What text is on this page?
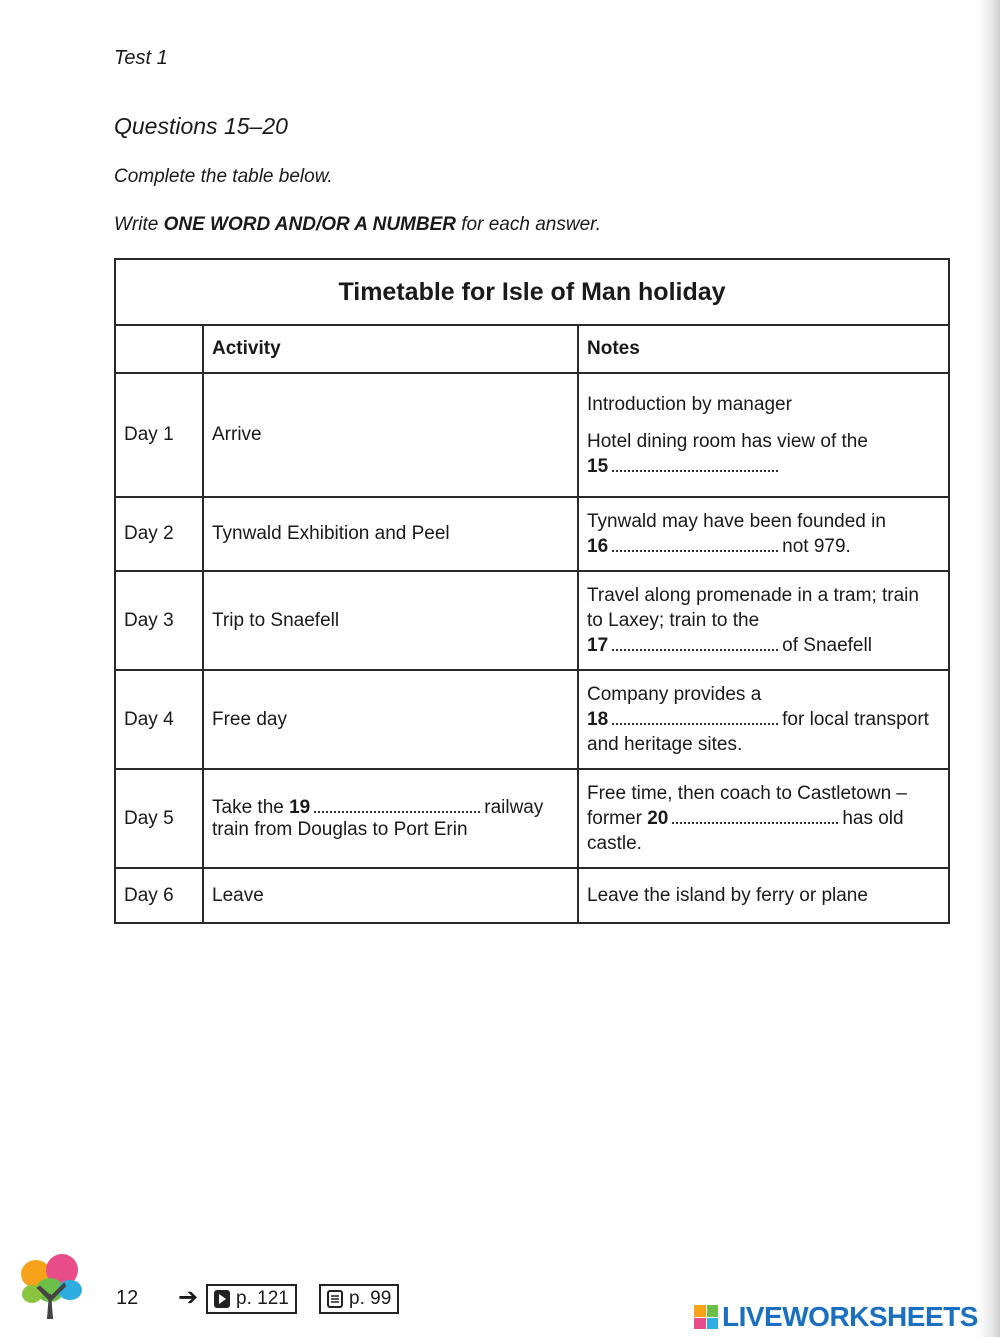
Test 1
Questions 15–20
Complete the table below.
Write ONE WORD AND/OR A NUMBER for each answer.
Timetable for Isle of Man holiday		
	Activity	Notes
Day 1	Arrive	Introduction by manager
Hotel dining room has view of the
15
Day 2	Tynwald Exhibition and Peel	Tynwald may have been founded in
16 not 979.
Day 3	Trip to Snaefell	Travel along promenade in a tram; train to Laxey; train to the
17 of Snaefell
Day 4	Free day	Company provides a
18 for local transport and heritage sites.
Day 5	Take the 19 railway train from Douglas to Port Erin	Free time, then coach to Castletown – former 20 has old castle.
Day 6	Leave	Leave the island by ferry or plane
12 ➔ p. 121	p. 99
LIVEWORKSHEETS
